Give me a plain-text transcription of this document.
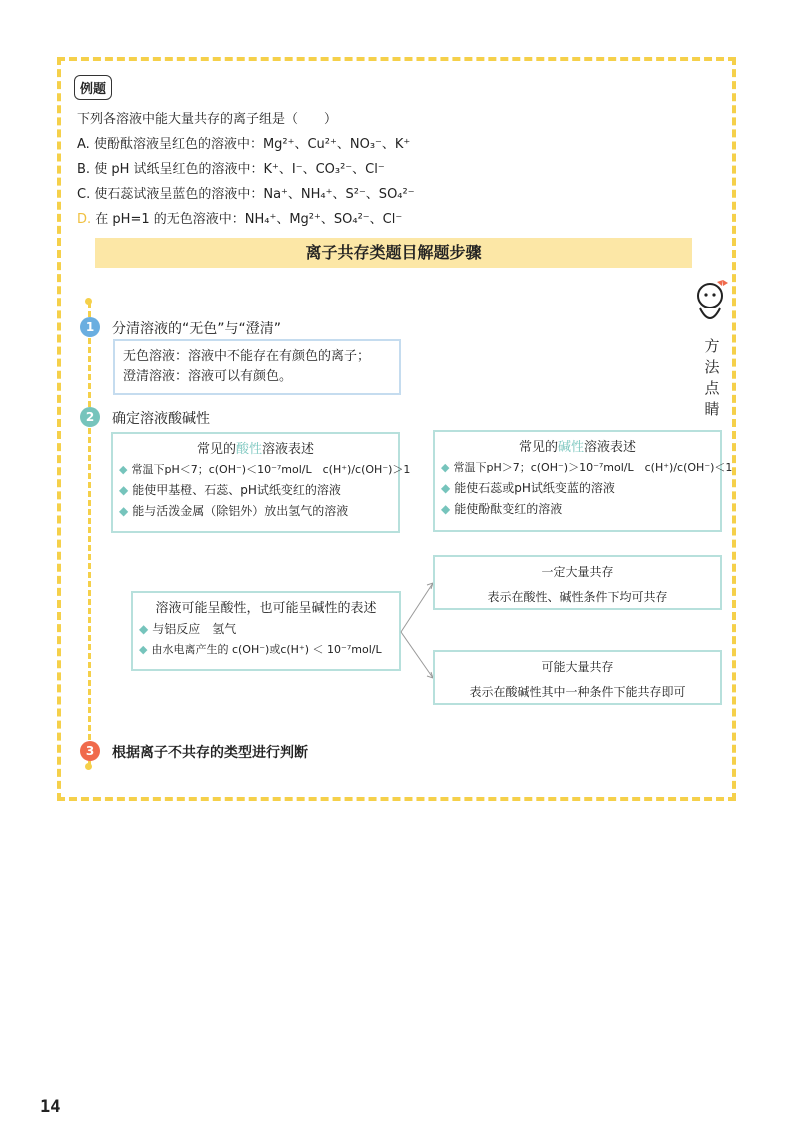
例题
下列各溶液中能大量共存的离子组是（　　）
A. 使酚酞溶液呈红色的溶液中：Mg²⁺、Cu²⁺、NO₃⁻、K⁺
B. 使 pH 试纸呈红色的溶液中：K⁺、I⁻、CO₃²⁻、Cl⁻
C. 使石蕊试液呈蓝色的溶液中：Na⁺、NH₄⁺、S²⁻、SO₄²⁻
D. 在 pH=1 的无色溶液中：NH₄⁺、Mg²⁺、SO₄²⁻、Cl⁻
离子共存类题目解题步骤
方法点睛
1	分清溶液的“无色”与“澄清”
无色溶液：溶液中不能存在有颜色的离子；
澄清溶液：溶液可以有颜色。
2	确定溶液酸碱性
常见的酸性溶液表述
◆ 常温下pH＜7；c(OH⁻)＜10⁻⁷mol/L　c(H⁺)/c(OH⁻)＞1
◆ 能使甲基橙、石蕊、pH试纸变红的溶液
◆ 能与活泼金属（除铝外）放出氢气的溶液
常见的碱性溶液表述
◆ 常温下pH＞7；c(OH⁻)＞10⁻⁷mol/L　c(H⁺)/c(OH⁻)＜1
◆ 能使石蕊或pH试纸变蓝的溶液
◆ 能使酚酞变红的溶液
溶液可能呈酸性，也可能呈碱性的表述
◆ 与铝反应　氢气
◆ 由水电离产生的 c(OH⁻)或c(H⁺) ＜ 10⁻⁷mol/L
一定大量共存
表示在酸性、碱性条件下均可共存
可能大量共存
表示在酸碱性其中一种条件下能共存即可
3	根据离子不共存的类型进行判断
14
